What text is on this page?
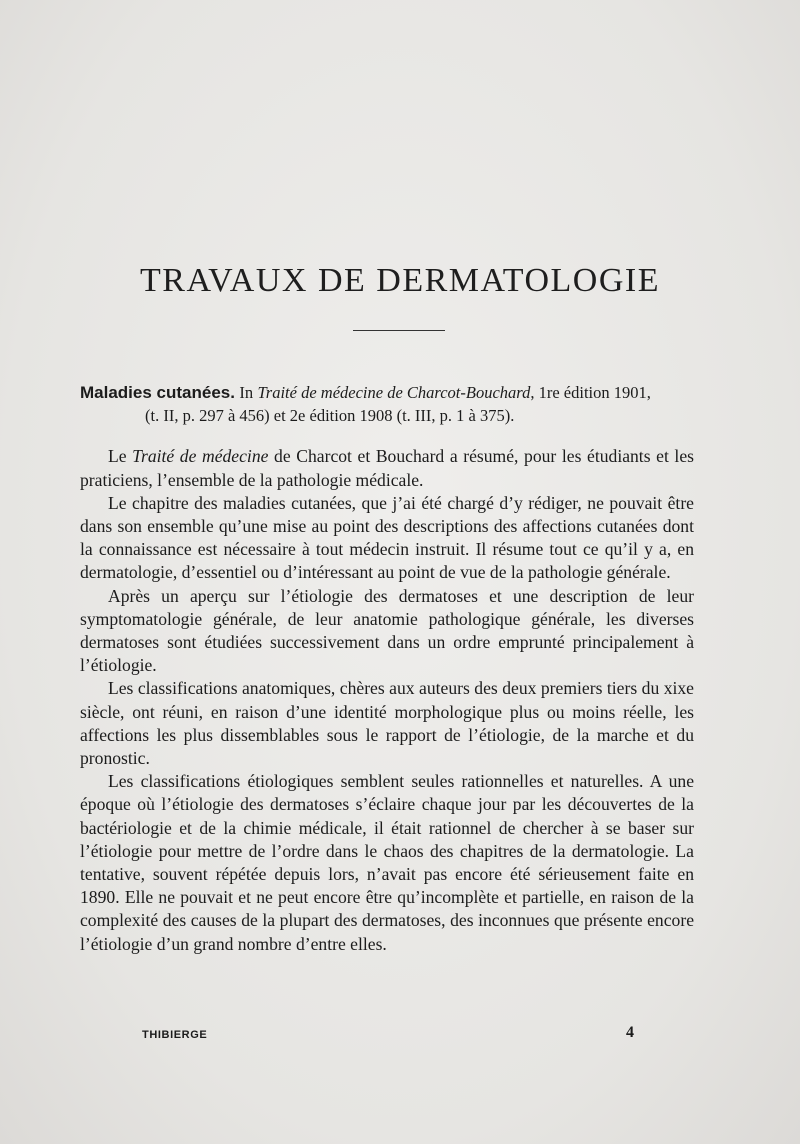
TRAVAUX DE DERMATOLOGIE
Maladies cutanées. In Traité de médecine de Charcot-Bouchard, 1re édition 1901,
(t. II, p. 297 à 456) et 2e édition 1908 (t. III, p. 1 à 375).

Le Traité de médecine de Charcot et Bouchard a résumé, pour les étudiants et les praticiens, l’ensemble de la pathologie médicale.

Le chapitre des maladies cutanées, que j’ai été chargé d’y rédiger, ne pouvait être dans son ensemble qu’une mise au point des descriptions des affections cutanées dont la connaissance est nécessaire à tout médecin instruit. Il résume tout ce qu’il y a, en dermatologie, d’essentiel ou d’intéressant au point de vue de la pathologie générale.

Après un aperçu sur l’étiologie des dermatoses et une description de leur symptomatologie générale, de leur anatomie pathologique générale, les diverses dermatoses sont étudiées successivement dans un ordre emprunté principalement à l’étiologie.

Les classifications anatomiques, chères aux auteurs des deux premiers tiers du xixe siècle, ont réuni, en raison d’une identité morphologique plus ou moins réelle, les affections les plus dissemblables sous le rapport de l’étiologie, de la marche et du pronostic.

Les classifications étiologiques semblent seules rationnelles et naturelles. A une époque où l’étiologie des dermatoses s’éclaire chaque jour par les découvertes de la bactériologie et de la chimie médicale, il était rationnel de chercher à se baser sur l’étiologie pour mettre de l’ordre dans le chaos des chapitres de la dermatologie. La tentative, souvent répétée depuis lors, n’avait pas encore été sérieusement faite en 1890. Elle ne pouvait et ne peut encore être qu’incomplète et partielle, en raison de la complexité des causes de la plupart des dermatoses, des inconnues que présente encore l’étiologie d’un grand nombre d’entre elles.

THIBIERGE	4
